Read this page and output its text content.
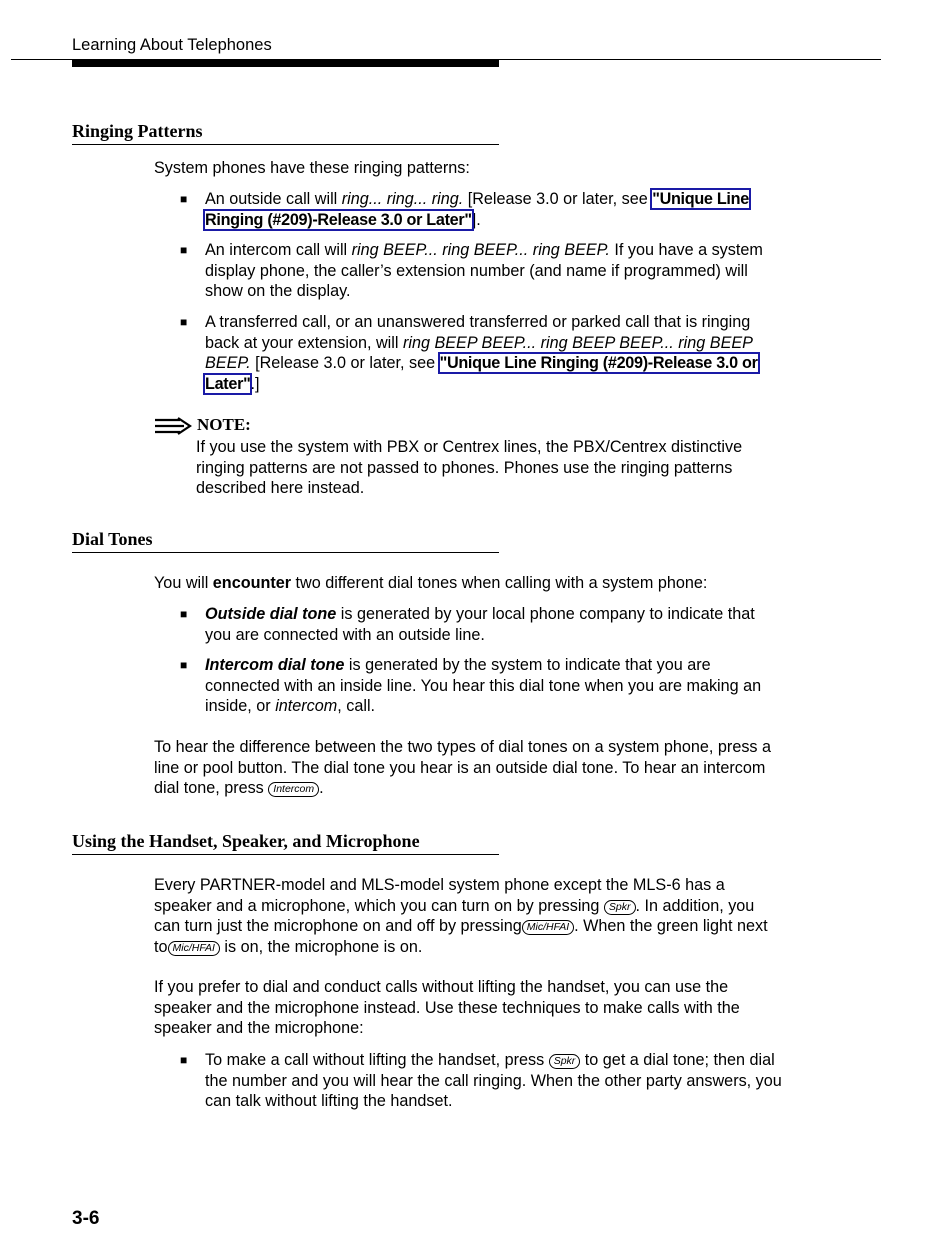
Learning About Telephones
Ringing Patterns

System phones have these ringing patterns:

■ An outside call will ring... ring... ring. [Release 3.0 or later, see "Unique Line Ringing (#209)-Release 3.0 or Later"].
■ An intercom call will ring BEEP... ring BEEP... ring BEEP. If you have a system display phone, the caller’s extension number (and name if programmed) will show on the display.
■ A transferred call, or an unanswered transferred or parked call that is ringing back at your extension, will ring BEEP BEEP... ring BEEP BEEP... ring BEEP BEEP. [Release 3.0 or later, see "Unique Line Ringing (#209)-Release 3.0 or Later".]
NOTE:
If you use the system with PBX or Centrex lines, the PBX/Centrex distinctive ringing patterns are not passed to phones. Phones use the ringing patterns described here instead.
Dial Tones

You will encounter two different dial tones when calling with a system phone:

■ Outside dial tone is generated by your local phone company to indicate that you are connected with an outside line.
■ Intercom dial tone is generated by the system to indicate that you are connected with an inside line. You hear this dial tone when you are making an inside, or intercom, call.

To hear the difference between the two types of dial tones on a system phone, press a line or pool button. The dial tone you hear is an outside dial tone. To hear an intercom dial tone, press Intercom .

Using the Handset, Speaker, and Microphone

Every PARTNER-model and MLS-model system phone except the MLS-6 has a speaker and a microphone, which you can turn on by pressing Spkr . In addition, you can turn just the microphone on and off by pressing Mic/HFAI . When the green light next to Mic/HFAI is on, the microphone is on.

If you prefer to dial and conduct calls without lifting the handset, you can use the speaker and the microphone instead. Use these techniques to make calls with the speaker and the microphone:

■ To make a call without lifting the handset, press Spkr to get a dial tone; then dial the number and you will hear the call ringing. When the other party answers, you can talk without lifting the handset.
3-6
